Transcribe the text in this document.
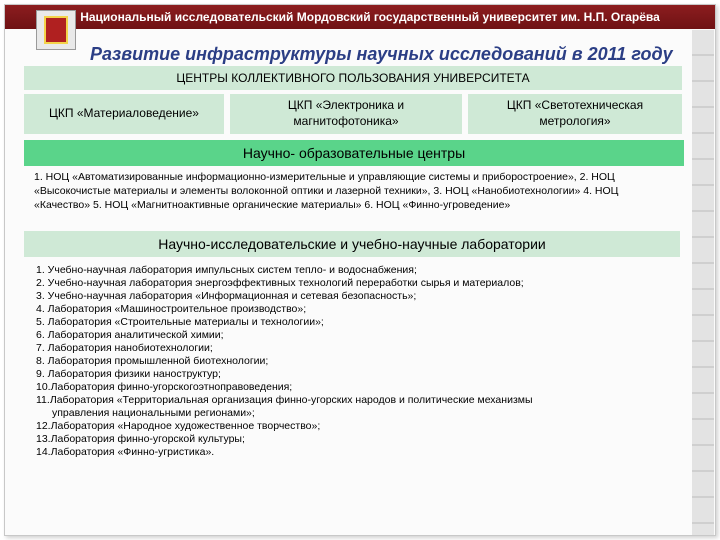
Национальный исследовательский Мордовский государственный университет им. Н.П. Огарёва
Развитие инфраструктуры научных исследований в 2011 году
ЦЕНТРЫ КОЛЛЕКТИВНОГО ПОЛЬЗОВАНИЯ УНИВЕРСИТЕТА
ЦКП «Материаловедение»
ЦКП «Электроника и магнитофотоника»
ЦКП «Светотехническая метрология»
Научно- образовательные центры
1. НОЦ «Автоматизированные информационно-измерительные и управляющие системы и приборостроение», 2. НОЦ «Высокочистые материалы и элементы волоконной оптики и лазерной техники», 3. НОЦ «Нанобиотехнологии» 4. НОЦ «Качество» 5. НОЦ «Магнитноактивные органические материалы» 6. НОЦ «Финно-угроведение»
Научно-исследовательские и учебно-научные лаборатории
1. Учебно-научная лаборатория импульсных систем тепло- и водоснабжения;
2. Учебно-научная лаборатория энергоэффективных технологий переработки сырья и материалов;
3. Учебно-научная лаборатория «Информационная и сетевая безопасность»;
4. Лаборатория «Машиностроительное производство»;
5. Лаборатория «Строительные материалы и технологии»;
6. Лаборатория аналитической химии;
7. Лаборатория нанобиотехнологии;
8. Лаборатория промышленной биотехнологии;
9. Лаборатория физики наноструктур;
10.Лаборатория финно-угорскогоэтноправоведения;
11.Лаборатория «Территориальная организация финно-угорских народов и политические механизмы
управления национальными регионами»;
12.Лаборатория «Народное художественное творчество»;
13.Лаборатория финно-угорской культуры;
14.Лаборатория «Финно-угристика».
